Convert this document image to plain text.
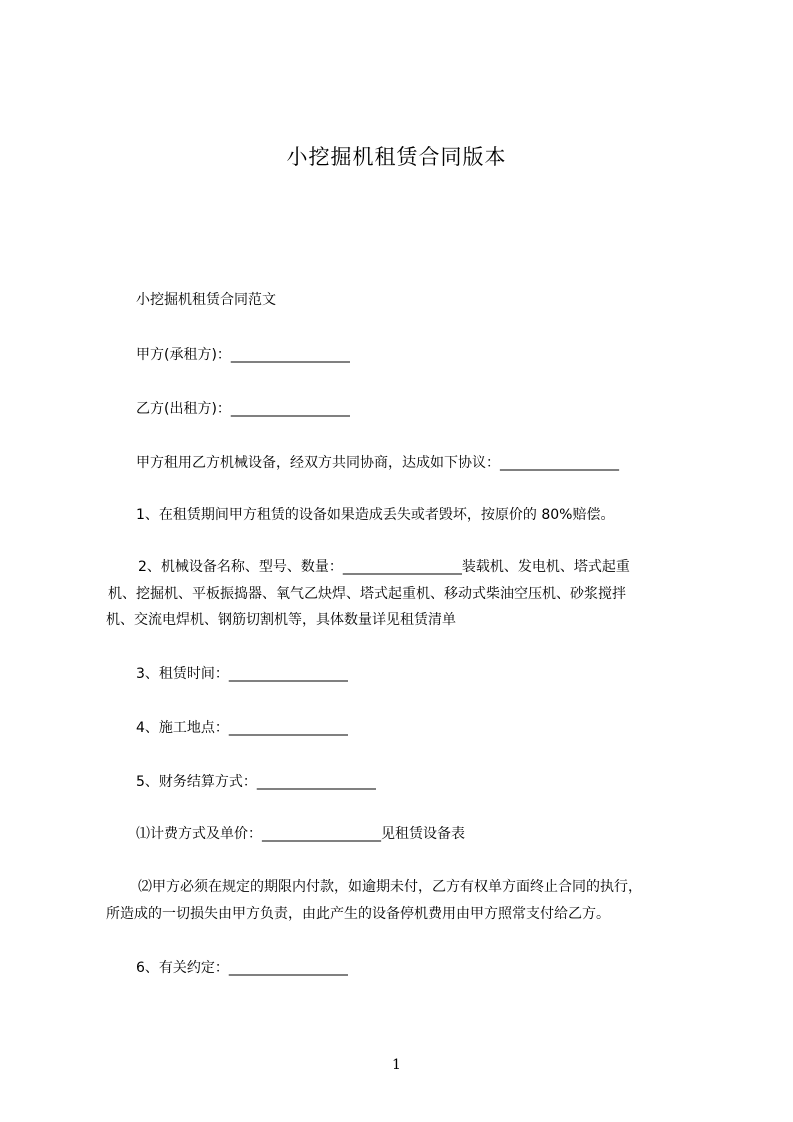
小挖掘机租赁合同版本
小挖掘机租赁合同范文
甲方(承租方)：_________________
乙方(出租方)：_________________
甲方租用乙方机械设备，经双方共同协商，达成如下协议：_________________
1、在租赁期间甲方租赁的设备如果造成丢失或者毁坏，按原价的 80%赔偿。
2、机械设备名称、型号、数量：_________________装载机、发电机、塔式起重
机、挖掘机、平板振捣器、氧气乙炔焊、塔式起重机、移动式柴油空压机、砂浆搅拌
机、交流电焊机、钢筋切割机等，具体数量详见租赁清单
3、租赁时间：_________________
4、施工地点：_________________
5、财务结算方式：_________________
⑴计费方式及单价：_________________见租赁设备表
⑵甲方必须在规定的期限内付款，如逾期未付，乙方有权单方面终止合同的执行，
所造成的一切损失由甲方负责，由此产生的设备停机费用由甲方照常支付给乙方。
6、有关约定：_________________
1
